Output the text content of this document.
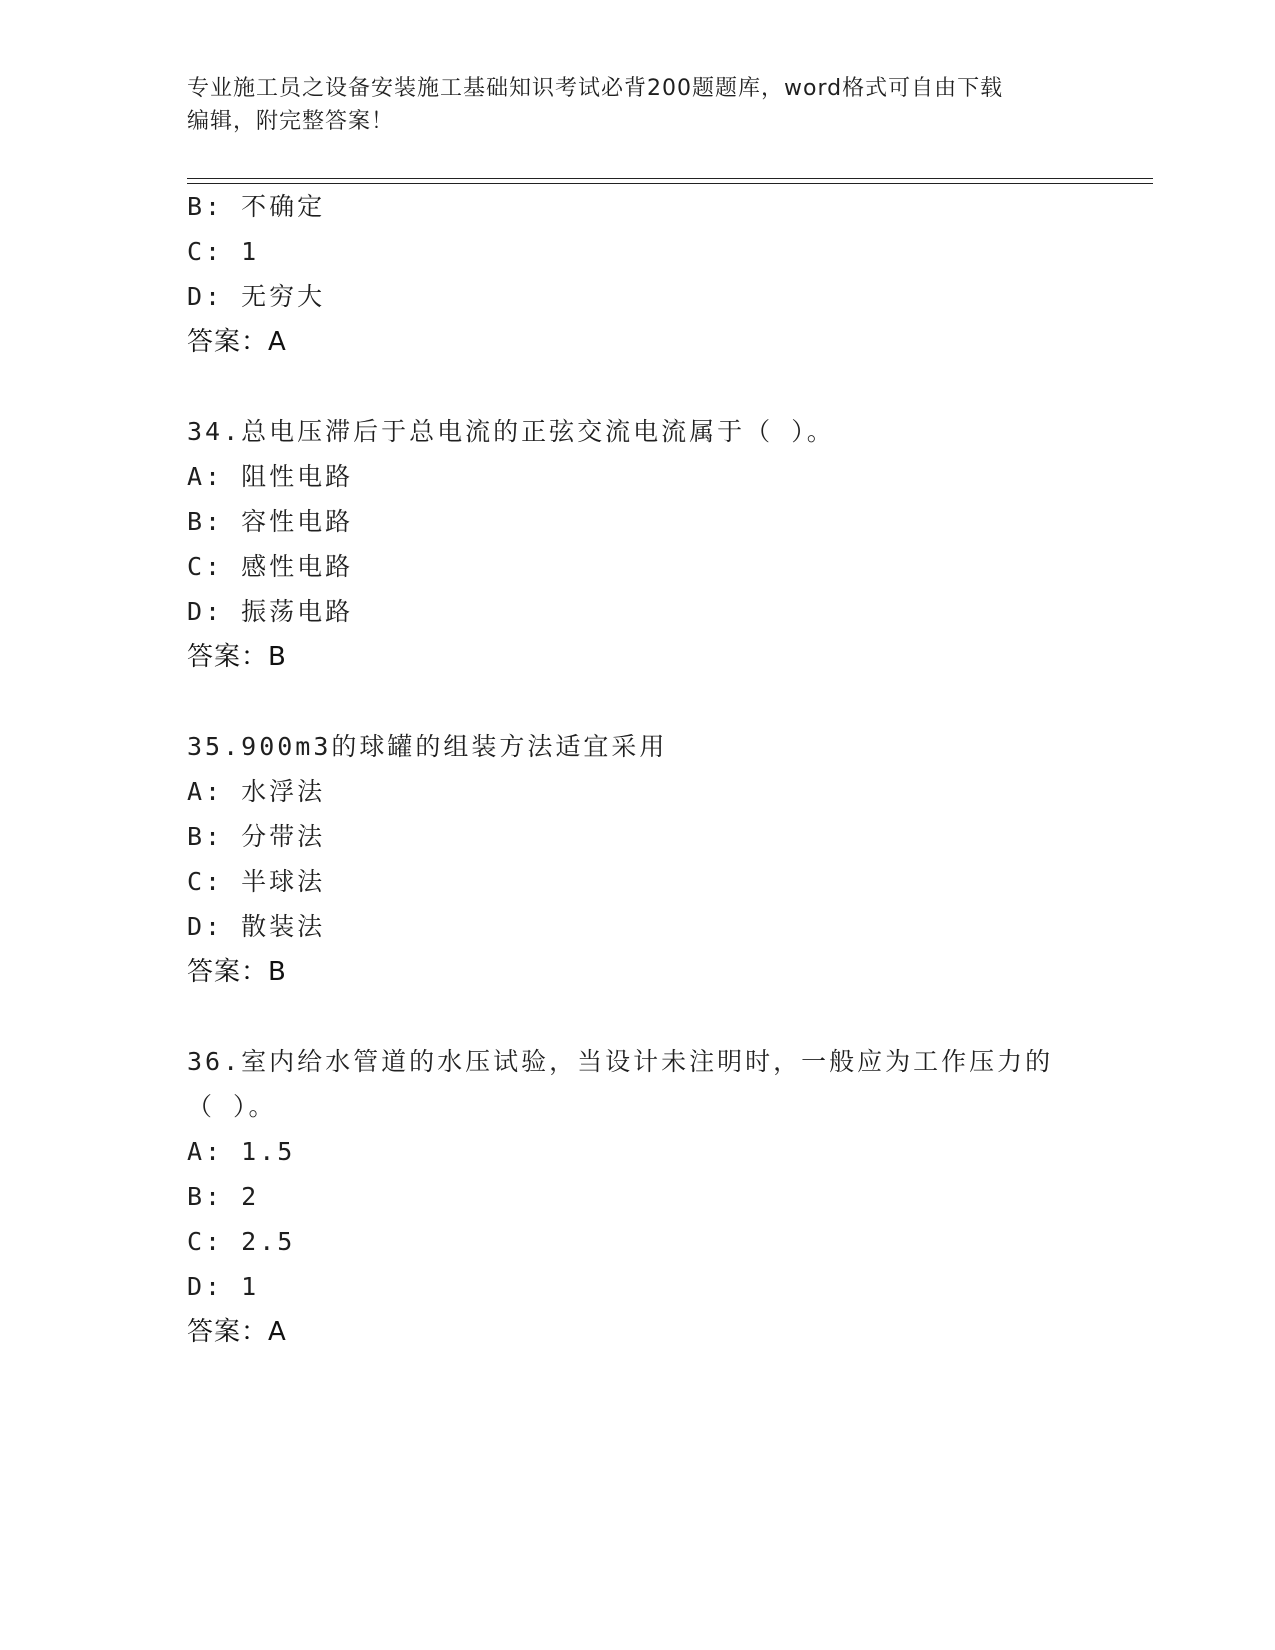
专业施工员之设备安装施工基础知识考试必背200题题库，word格式可自由下载
编辑，附完整答案！
B: 不确定
C: 1
D: 无穷大
答案：A
34.总电压滞后于总电流的正弦交流电流属于（ ）。
A: 阻性电路
B: 容性电路
C: 感性电路
D: 振荡电路
答案：B
35.900m3的球罐的组装方法适宜采用
A: 水浮法
B: 分带法
C: 半球法
D: 散装法
答案：B
36.室内给水管道的水压试验，当设计未注明时，一般应为工作压力的
（ ）。
A: 1.5
B: 2
C: 2.5
D: 1
答案：A
